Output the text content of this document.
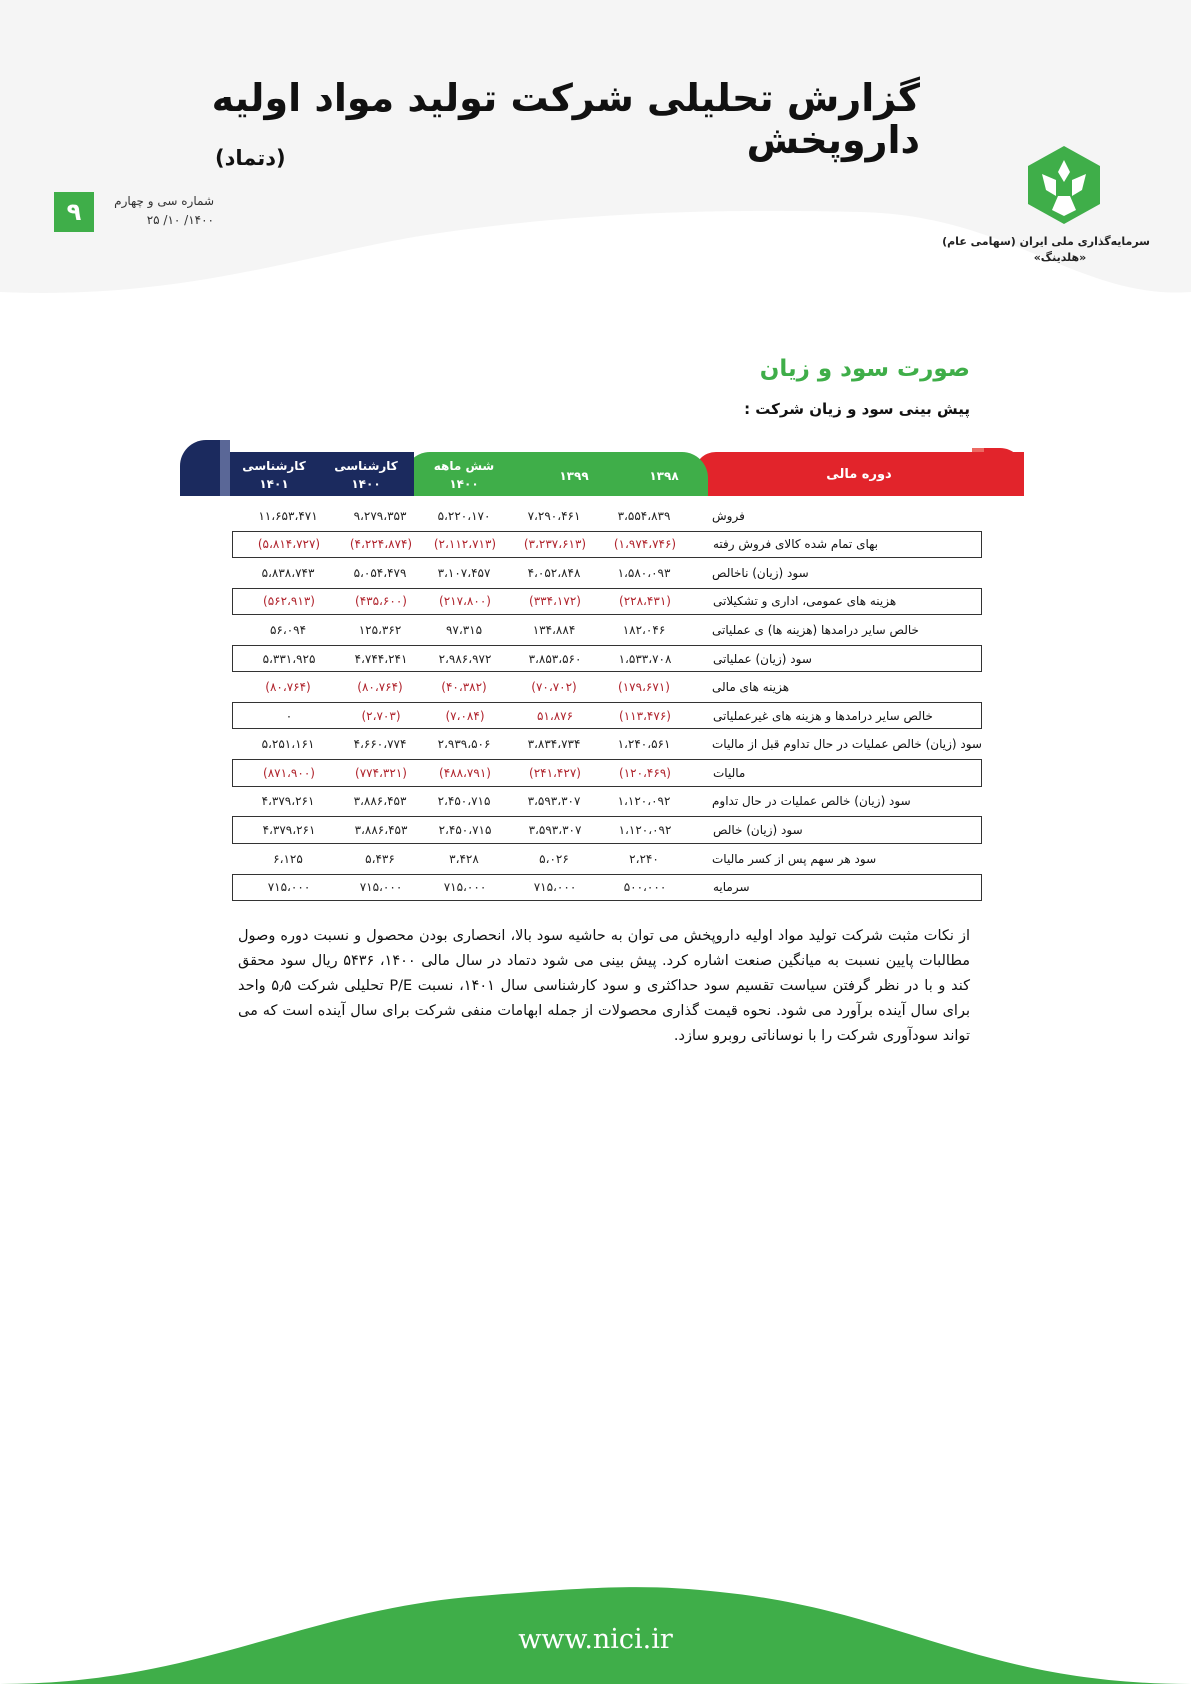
گزارش تحلیلی شرکت تولید مواد اولیه داروپخش
(دتماد)
۹	شماره سی و چهارم
۱۴۰۰/ ۱۰/ ۲۵
سرمایه‌گذاری ملی ایران (سهامی عام)
«هلدینگ»
صورت سود و زیان
پیش بینی سود و زیان شرکت :
دوره مالی
۱۳۹۸
۱۳۹۹
شش ماهه
۱۴۰۰
کارشناسی
۱۴۰۰
کارشناسی
۱۴۰۱
فروش
۳،۵۵۴،۸۳۹
۷،۲۹۰،۴۶۱
۵،۲۲۰،۱۷۰
۹،۲۷۹،۳۵۳
۱۱،۶۵۳،۴۷۱
بهای تمام شده کالای فروش رفته
(۱،۹۷۴،۷۴۶)
(۳،۲۳۷،۶۱۳)
(۲،۱۱۲،۷۱۳)
(۴،۲۲۴،۸۷۴)
(۵،۸۱۴،۷۲۷)
سود (زیان) ناخالص
۱،۵۸۰،۰۹۳
۴،۰۵۲،۸۴۸
۳،۱۰۷،۴۵۷
۵،۰۵۴،۴۷۹
۵،۸۳۸،۷۴۳
هزینه های عمومی، اداری و تشکیلاتی
(۲۲۸،۴۳۱)
(۳۳۴،۱۷۲)
(۲۱۷،۸۰۰)
(۴۳۵،۶۰۰)
(۵۶۲،۹۱۳)
خالص سایر درامدها (هزینه ها) ی عملیاتی
۱۸۲،۰۴۶
۱۳۴،۸۸۴
۹۷،۳۱۵
۱۲۵،۳۶۲
۵۶،۰۹۴
سود (زیان) عملیاتی
۱،۵۳۳،۷۰۸
۳،۸۵۳،۵۶۰
۲،۹۸۶،۹۷۲
۴،۷۴۴،۲۴۱
۵،۳۳۱،۹۲۵
هزینه های مالی
(۱۷۹،۶۷۱)
(۷۰،۷۰۲)
(۴۰،۳۸۲)
(۸۰،۷۶۴)
(۸۰،۷۶۴)
خالص سایر درامدها و هزینه های غیرعملیاتی
(۱۱۳،۴۷۶)
۵۱،۸۷۶
(۷،۰۸۴)
(۲،۷۰۳)
۰
سود (زیان) خالص عملیات در حال تداوم قبل از مالیات
۱،۲۴۰،۵۶۱
۳،۸۳۴،۷۳۴
۲،۹۳۹،۵۰۶
۴،۶۶۰،۷۷۴
۵،۲۵۱،۱۶۱
مالیات
(۱۲۰،۴۶۹)
(۲۴۱،۴۲۷)
(۴۸۸،۷۹۱)
(۷۷۴،۳۲۱)
(۸۷۱،۹۰۰)
سود (زیان) خالص عملیات در حال تداوم
۱،۱۲۰،۰۹۲
۳،۵۹۳،۳۰۷
۲،۴۵۰،۷۱۵
۳،۸۸۶،۴۵۳
۴،۳۷۹،۲۶۱
سود (زیان) خالص
۱،۱۲۰،۰۹۲
۳،۵۹۳،۳۰۷
۲،۴۵۰،۷۱۵
۳،۸۸۶،۴۵۳
۴،۳۷۹،۲۶۱
سود هر سهم پس از کسر مالیات
۲،۲۴۰
۵،۰۲۶
۳،۴۲۸
۵،۴۳۶
۶،۱۲۵
سرمایه
۵۰۰،۰۰۰
۷۱۵،۰۰۰
۷۱۵،۰۰۰
۷۱۵،۰۰۰
۷۱۵،۰۰۰
از نکات مثبت شرکت تولید مواد اولیه داروپخش می توان به حاشیه سود بالا، انحصاری بودن محصول و نسبت دوره وصول مطالبات پایین نسبت به میانگین صنعت اشاره کرد. پیش بینی می شود دتماد در سال مالی ۱۴۰۰، ۵۴۳۶ ریال سود محقق کند و با در نظر گرفتن سیاست تقسیم سود حداکثری و سود کارشناسی سال ۱۴۰۱، نسبت P/E تحلیلی شرکت ۵٫۵ واحد برای سال آینده برآورد می شود. نحوه قیمت گذاری محصولات از جمله ابهامات منفی شرکت برای سال آینده است که می تواند سودآوری شرکت را با نوساناتی روبرو سازد.
www.nici.ir
